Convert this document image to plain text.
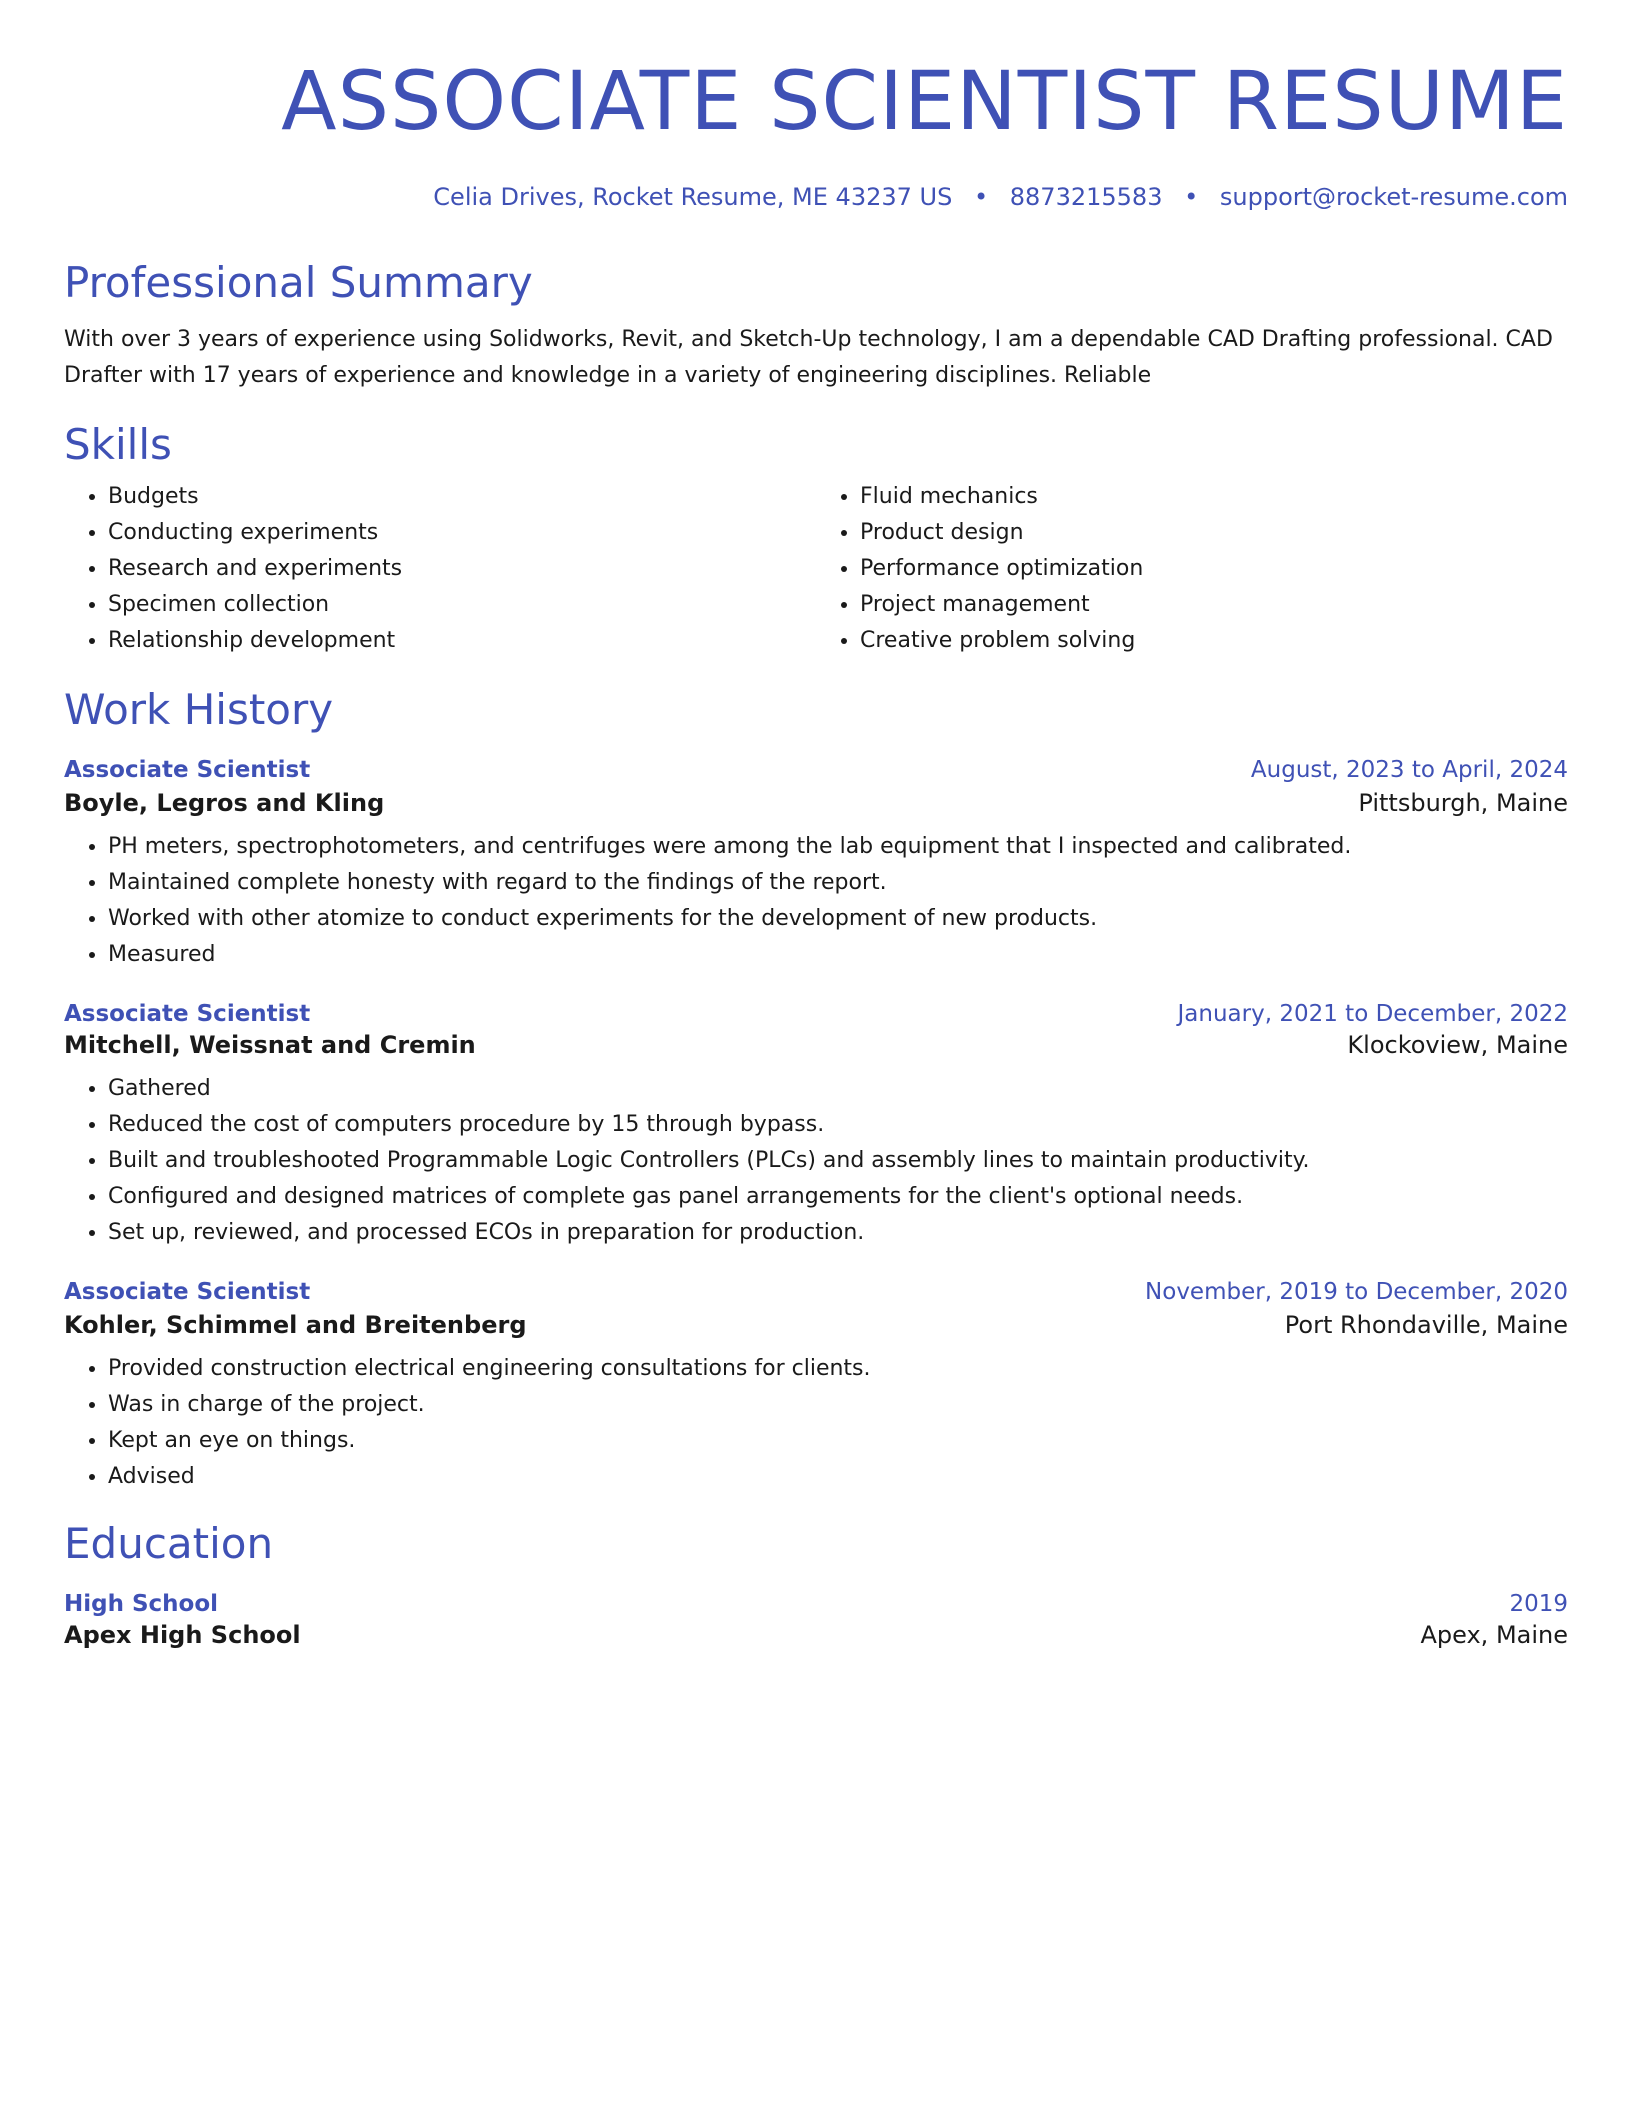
ASSOCIATE SCIENTIST RESUME
Celia Drives, Rocket Resume, ME 43237 US • 8873215583 • support@rocket-resume.com
Professional Summary

With over 3 years of experience using Solidworks, Revit, and Sketch-Up technology, I am a dependable CAD Drafting professional. CAD Drafter with 17 years of experience and knowledge in a variety of engineering disciplines. Reliable

Skills
• Budgets
• Conducting experiments
• Research and experiments
• Specimen collection
• Relationship development
• Fluid mechanics
• Product design
• Performance optimization
• Project management
• Creative problem solving
Work History
Associate Scientist	August, 2023 to April, 2024
Boyle, Legros and Kling	Pittsburgh, Maine
• PH meters, spectrophotometers, and centrifuges were among the lab equipment that I inspected and calibrated.
• Maintained complete honesty with regard to the findings of the report.
• Worked with other atomize to conduct experiments for the development of new products.
• Measured
Associate Scientist	January, 2021 to December, 2022
Mitchell, Weissnat and Cremin	Klockoview, Maine
• Gathered
• Reduced the cost of computers procedure by 15 through bypass.
• Built and troubleshooted Programmable Logic Controllers (PLCs) and assembly lines to maintain productivity.
• Configured and designed matrices of complete gas panel arrangements for the client's optional needs.
• Set up, reviewed, and processed ECOs in preparation for production.
Associate Scientist	November, 2019 to December, 2020
Kohler, Schimmel and Breitenberg	Port Rhondaville, Maine
• Provided construction electrical engineering consultations for clients.
• Was in charge of the project.
• Kept an eye on things.
• Advised
Education
High School	2019
Apex High School	Apex, Maine
